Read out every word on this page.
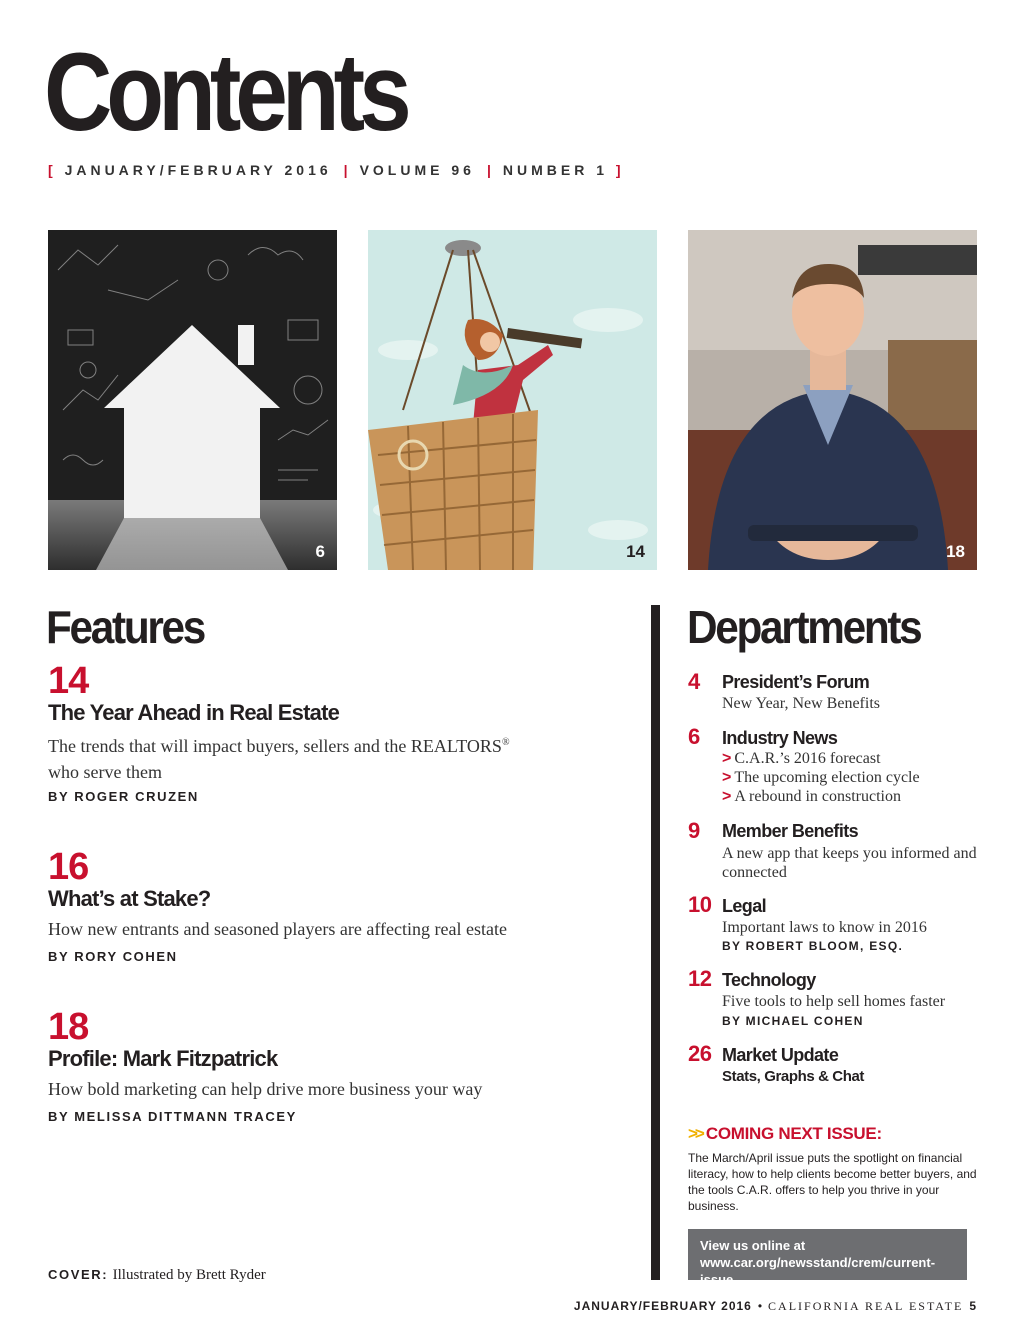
Contents
[ JANUARY/FEBRUARY 2016 | VOLUME 96 | NUMBER 1 ]
6	14	18
Features
14
The Year Ahead in Real Estate
The trends that will impact buyers, sellers and the REALTORS®
who serve them
BY ROGER CRUZEN
16
What’s at Stake?
How new entrants and seasoned players are affecting real estate
BY RORY COHEN
18
Profile: Mark Fitzpatrick
How bold marketing can help drive more business your way
BY MELISSA DITTMANN TRACEY
COVER: Illustrated by Brett Ryder
Departments
4 President’s Forum
New Year, New Benefits
6 Industry News
> C.A.R.’s 2016 forecast
> The upcoming election cycle
> A rebound in construction
9 Member Benefits
A new app that keeps you informed and connected
10 Legal
Important laws to know in 2016
BY ROBERT BLOOM, ESQ.
12 Technology
Five tools to help sell homes faster
BY MICHAEL COHEN
26 Market Update
Stats, Graphs & Chat
>> COMING NEXT ISSUE:
The March/April issue puts the spotlight on financial literacy, how to help clients become better buyers, and the tools C.A.R. offers to help you thrive in your business.
View us online at www.car.org/newsstand/crem/current-issue
JANUARY/FEBRUARY 2016 • CALIFORNIA REAL ESTATE 5
